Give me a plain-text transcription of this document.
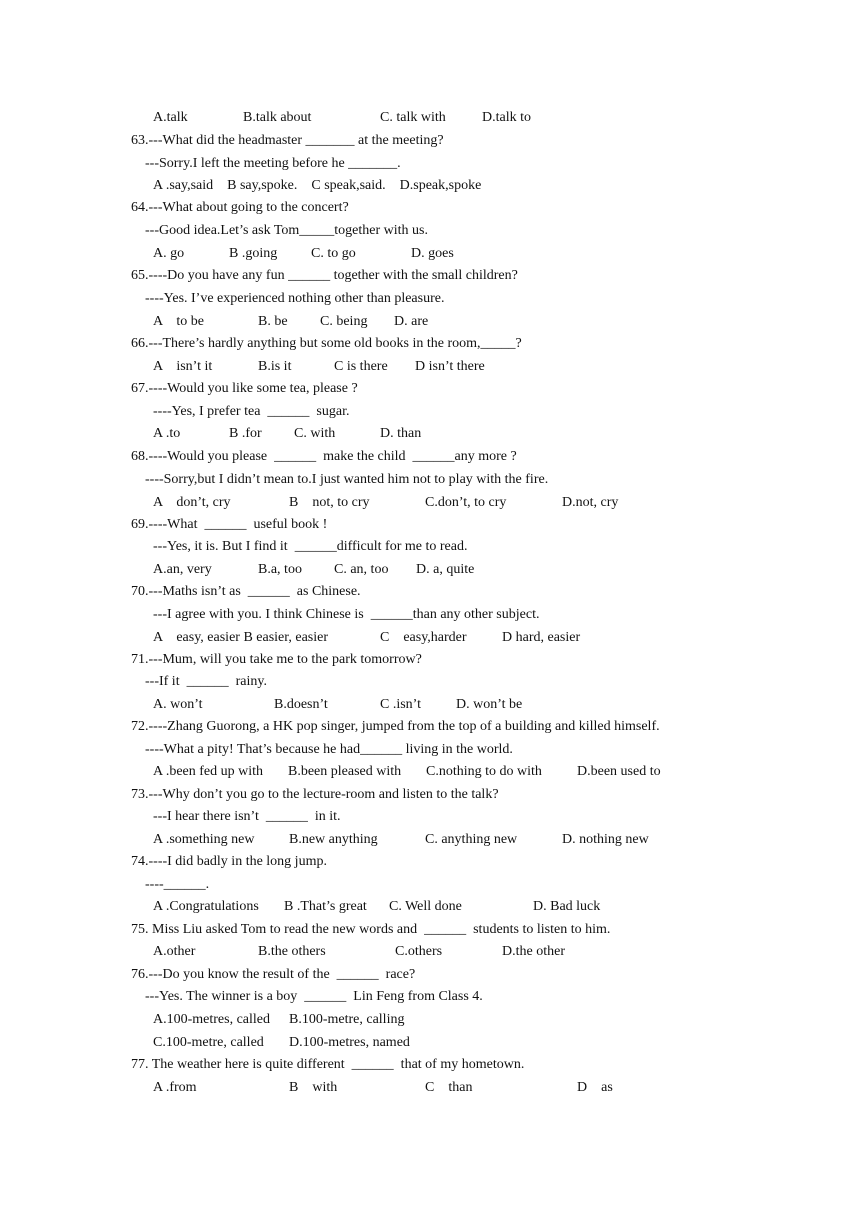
A.talk	B.talk about	C. talk with	D.talk to
63.---What did the headmaster _______ at the meeting?
---Sorry.I left the meeting before he _______.
A .say,said    B say,spoke.    C speak,said.    D.speak,spoke
64.---What about going to the concert?
---Good idea.Let’s ask Tom_____together with us.
A. go	B .going C. to go	D. goes
65.----Do you have any fun ______ together with the small children?
----Yes. I’ve experienced nothing other than pleasure.
A    to be	B. be C. being D. are
66.---There’s hardly anything but some old books in the room,_____?
A    isn’t it	B.is it	C is there D isn’t there
67.----Would you like some tea, please ?
----Yes, I prefer tea  ______  sugar.
A .to	B .for C. with	D. than
68.----Would you please  ______  make the child  ______any more ?
----Sorry,but I didn’t mean to.I just wanted him not to play with the fire.
A    don’t, cry	B    not, to cry	C.don’t, to cry	D.not, cry
69.----What  ______  useful book !
---Yes, it is. But I find it  ______difficult for me to read.
A.an, very	B.a, too C. an, too D. a, quite
70.---Maths isn’t as  ______  as Chinese.
---I agree with you. I think Chinese is  ______than any other subject.
A    easy, easier B easier, easier	C    easy,harder	D hard, easier
71.---Mum, will you take me to the park tomorrow?
---If it  ______  rainy.
A. won’t	B.doesn’t	C .isn’t	D. won’t be
72.----Zhang Guorong, a HK pop singer, jumped from the top of a building and killed himself.
----What a pity! That’s because he had______ living in the world.
A .been fed up with B.been pleased with C.nothing to do with	D.been used to
73.---Why don’t you go to the lecture-room and listen to the talk?
---I hear there isn’t  ______  in it.
A .something new B.new anything	C. anything new	D. nothing new
74.----I did badly in the long jump.
----______.
A .Congratulations B .That’s great C. Well done	D. Bad luck
75. Miss Liu asked Tom to read the new words and  ______  students to listen to him.
A.other	B.the others	C.others	D.the other
76.---Do you know the result of the  ______  race?
---Yes. The winner is a boy  ______  Lin Feng from Class 4.
A.100-metres, called B.100-metre, calling
C.100-metre, called D.100-metres, named
77. The weather here is quite different  ______  that of my hometown.
A .from	B    with	C    than	D    as
